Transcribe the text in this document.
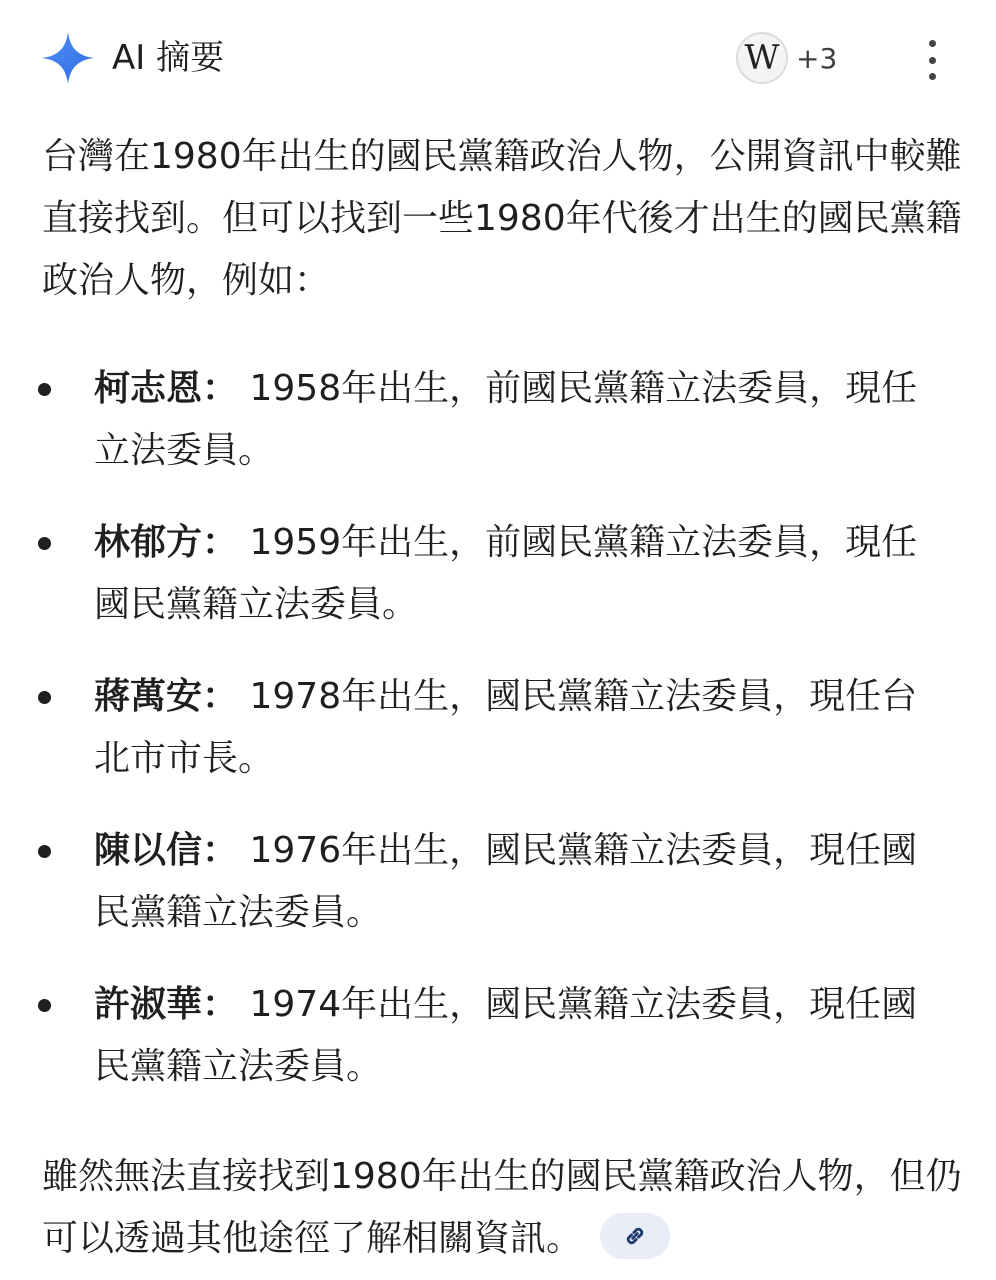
AI 摘要	W +3

台灣在1980年出生的國民黨籍政治人物，公開資訊中較難直接找到。但可以找到一些1980年代後才出生的國民黨籍政治人物，例如：

柯志恩： 1958年出生，前國民黨籍立法委員，現任立法委員。
林郁方： 1959年出生，前國民黨籍立法委員，現任國民黨籍立法委員。
蔣萬安： 1978年出生，國民黨籍立法委員，現任台北市市長。
陳以信： 1976年出生，國民黨籍立法委員，現任國民黨籍立法委員。
許淑華： 1974年出生，國民黨籍立法委員，現任國民黨籍立法委員。

雖然無法直接找到1980年出生的國民黨籍政治人物，但仍可以透過其他途徑了解相關資訊。
